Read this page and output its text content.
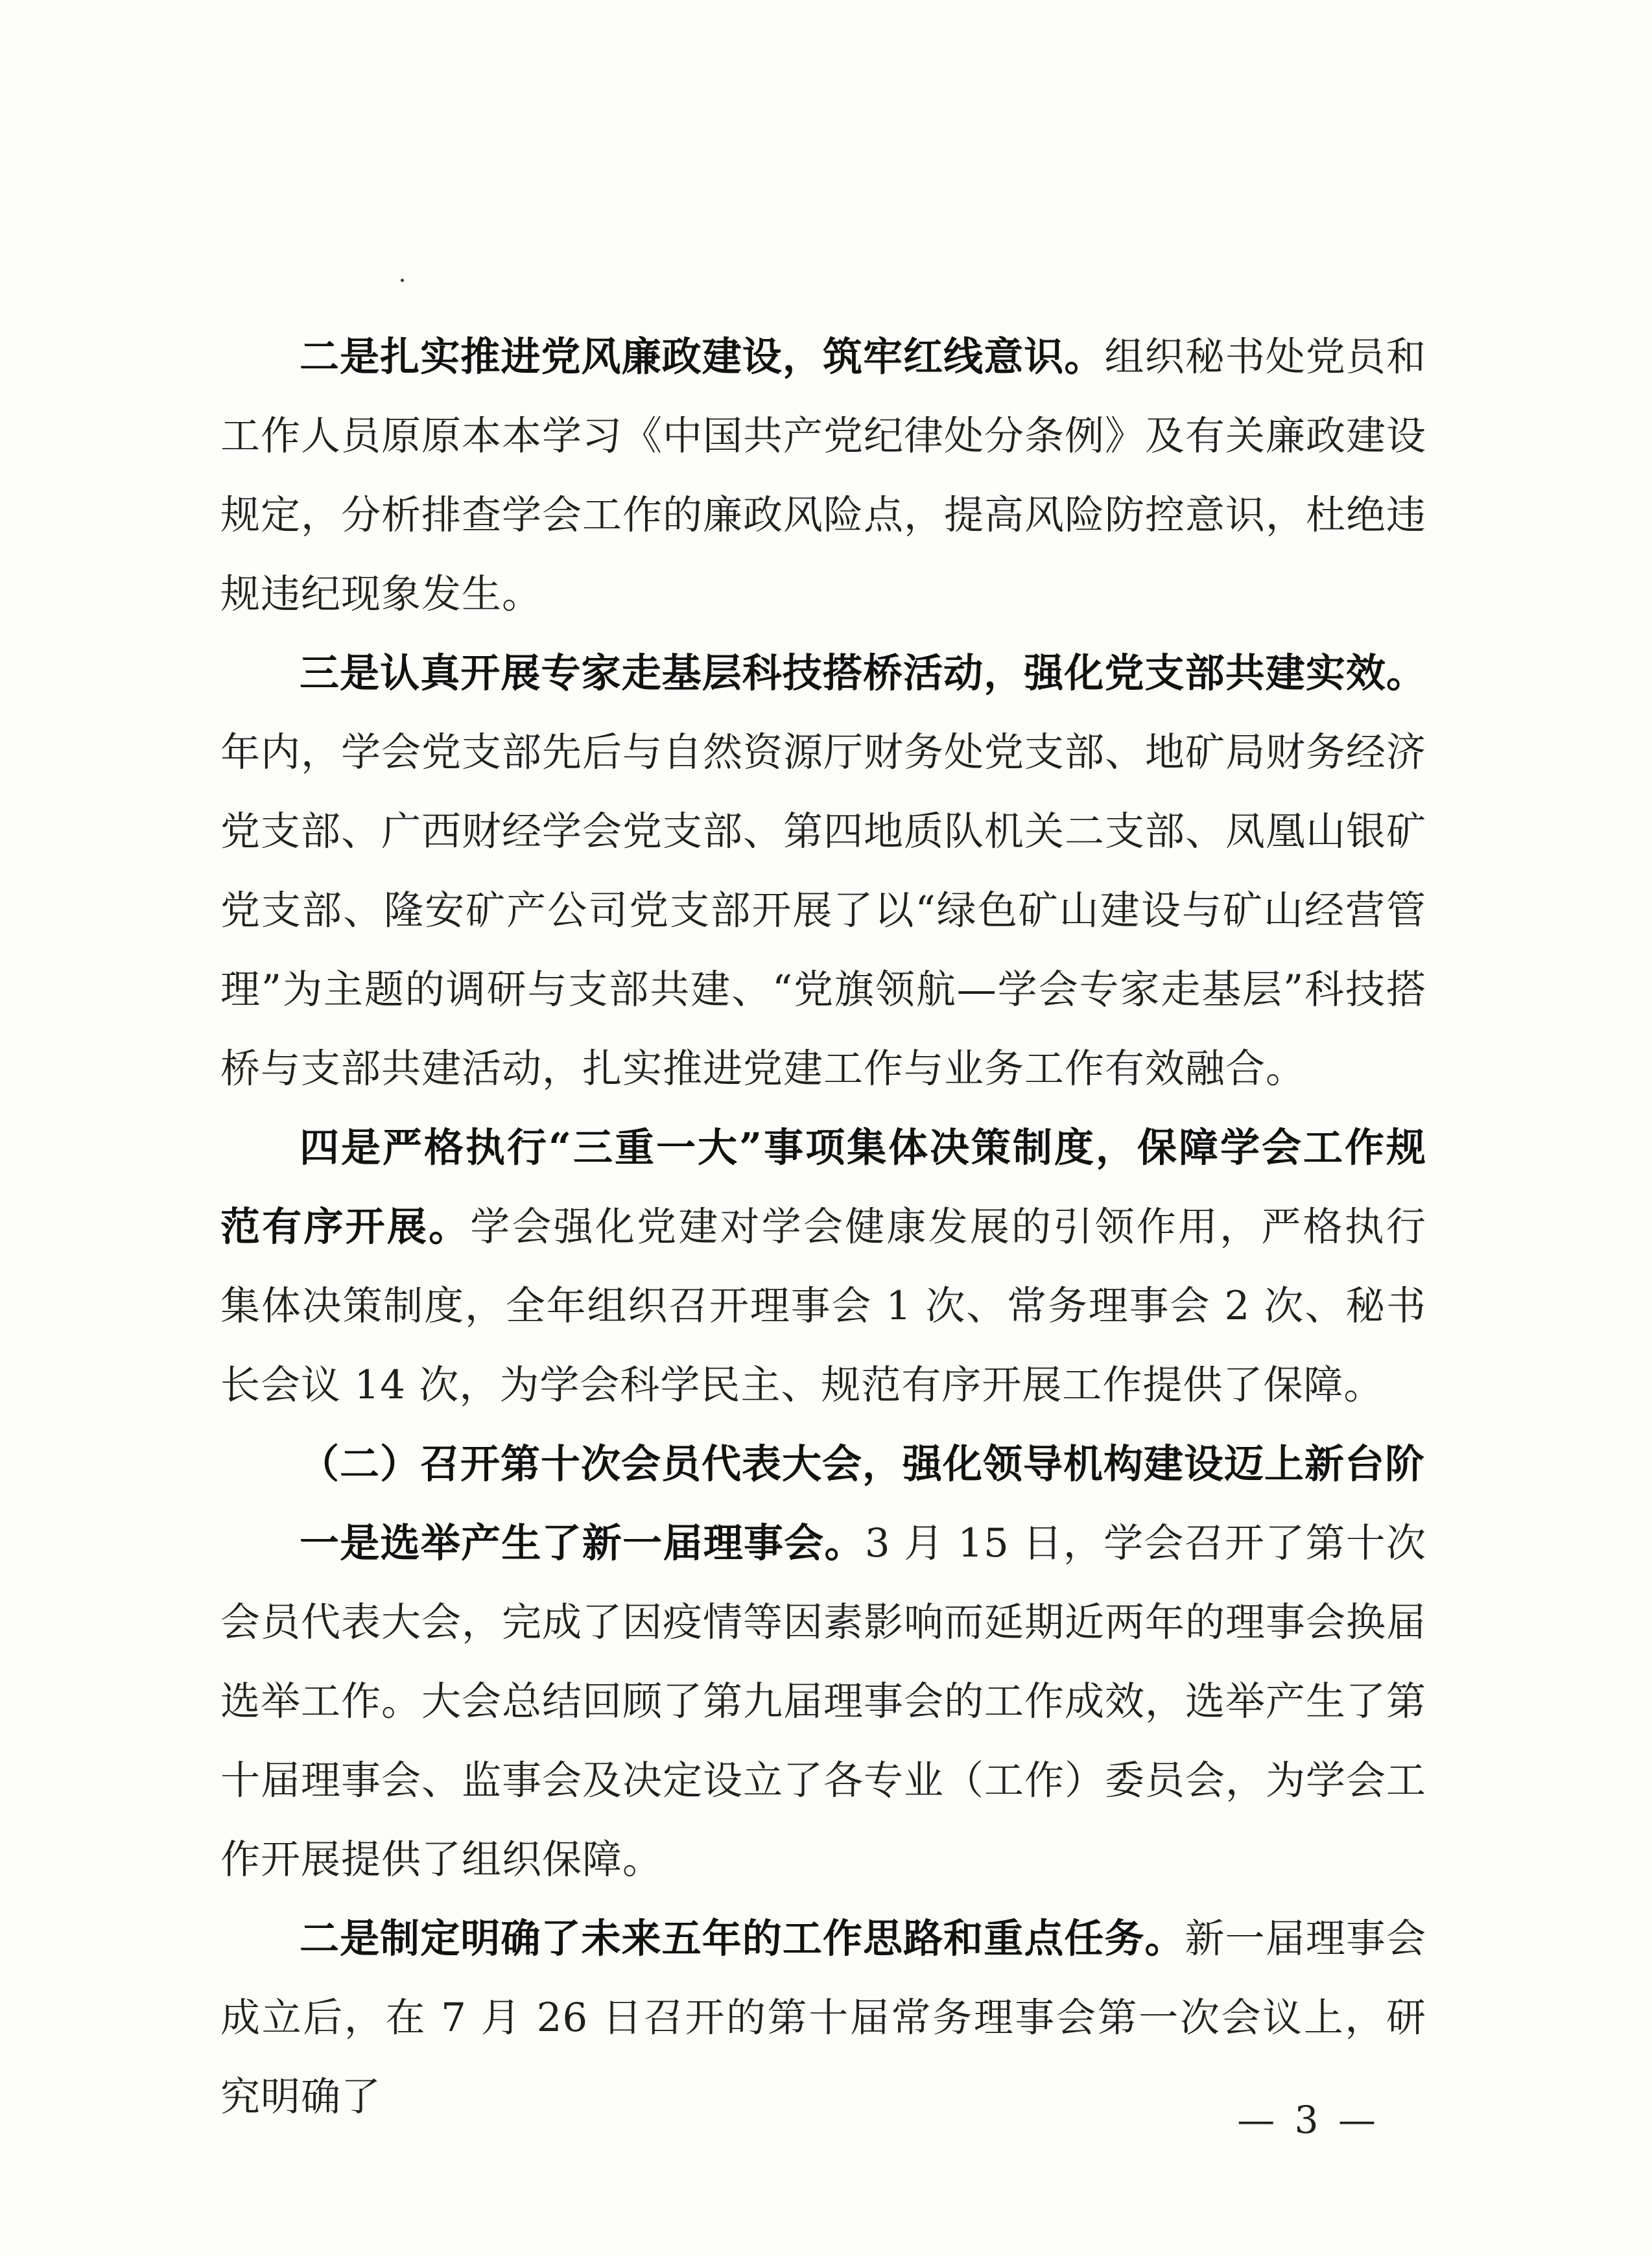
二是扎实推进党风廉政建设，筑牢红线意识。组织秘书处党员和工作人员原原本本学习《中国共产党纪律处分条例》及有关廉政建设规定，分析排查学会工作的廉政风险点，提高风险防控意识，杜绝违规违纪现象发生。

三是认真开展专家走基层科技搭桥活动，强化党支部共建实效。年内，学会党支部先后与自然资源厅财务处党支部、地矿局财务经济党支部、广西财经学会党支部、第四地质队机关二支部、凤凰山银矿党支部、隆安矿产公司党支部开展了以“绿色矿山建设与矿山经营管理”为主题的调研与支部共建、“党旗领航—学会专家走基层”科技搭桥与支部共建活动，扎实推进党建工作与业务工作有效融合。

四是严格执行“三重一大”事项集体决策制度，保障学会工作规范有序开展。学会强化党建对学会健康发展的引领作用，严格执行集体决策制度，全年组织召开理事会 1 次、常务理事会 2 次、秘书长会议 14 次，为学会科学民主、规范有序开展工作提供了保障。

（二）召开第十次会员代表大会，强化领导机构建设迈上新台阶

一是选举产生了新一届理事会。3 月 15 日，学会召开了第十次会员代表大会，完成了因疫情等因素影响而延期近两年的理事会换届选举工作。大会总结回顾了第九届理事会的工作成效，选举产生了第十届理事会、监事会及决定设立了各专业（工作）委员会，为学会工作开展提供了组织保障。

二是制定明确了未来五年的工作思路和重点任务。新一届理事会成立后，在 7 月 26 日召开的第十届常务理事会第一次会议上，研究明确了	— 3 —
